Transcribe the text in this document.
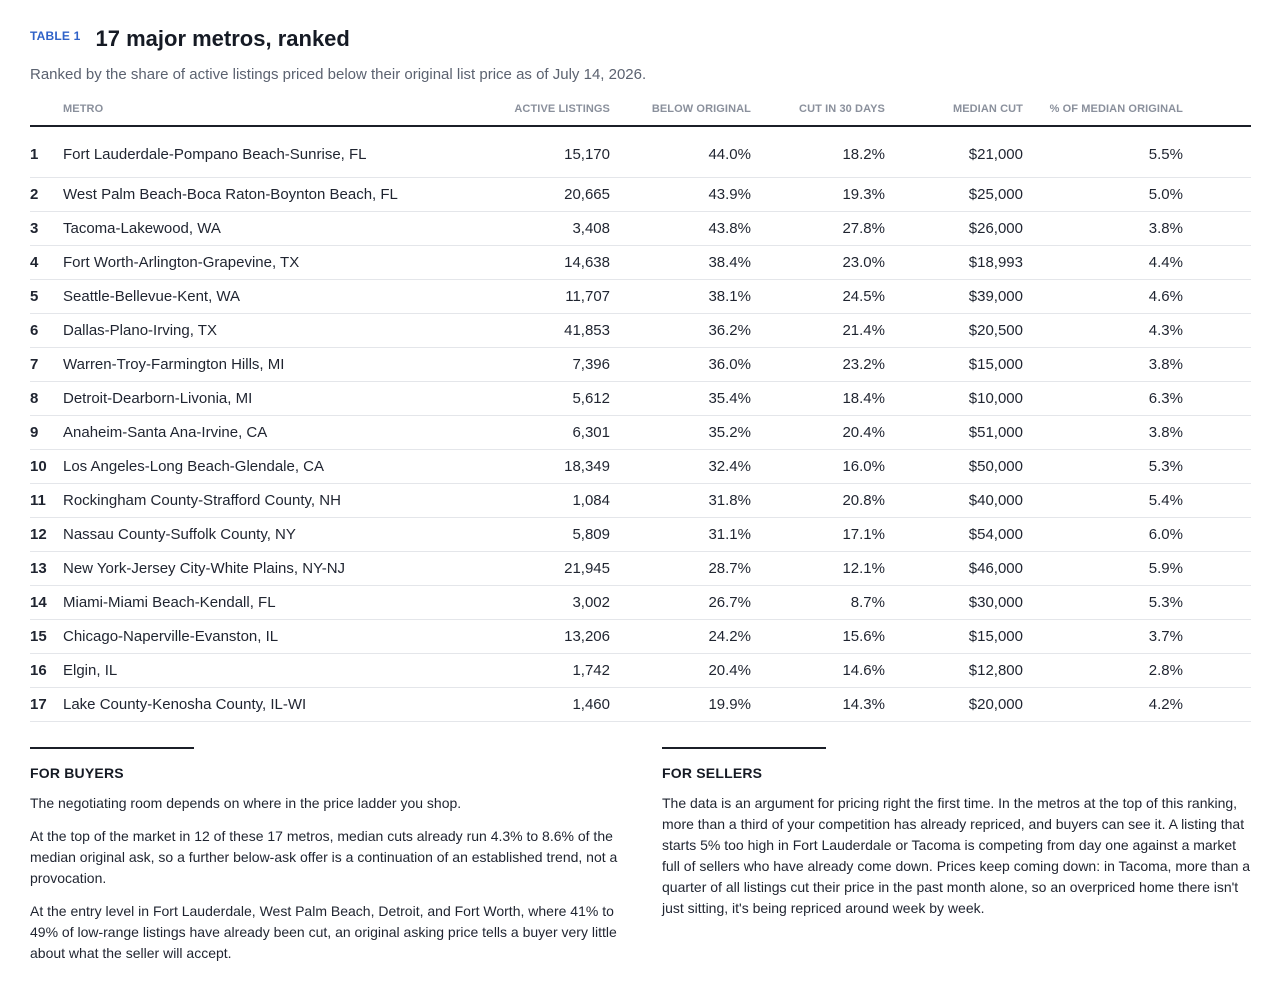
TABLE 1 17 major metros, ranked
Ranked by the share of active listings priced below their original list price as of July 14, 2026.
	METRO	ACTIVE LISTINGS	BELOW ORIGINAL	CUT IN 30 DAYS	MEDIAN CUT	% OF MEDIAN ORIGINAL	
1	Fort Lauderdale-Pompano Beach-Sunrise, FL	15,170	44.0%	18.2%	$21,000	5.5%	
2	West Palm Beach-Boca Raton-Boynton Beach, FL	20,665	43.9%	19.3%	$25,000	5.0%	
3	Tacoma-Lakewood, WA	3,408	43.8%	27.8%	$26,000	3.8%	
4	Fort Worth-Arlington-Grapevine, TX	14,638	38.4%	23.0%	$18,993	4.4%	
5	Seattle-Bellevue-Kent, WA	11,707	38.1%	24.5%	$39,000	4.6%	
6	Dallas-Plano-Irving, TX	41,853	36.2%	21.4%	$20,500	4.3%	
7	Warren-Troy-Farmington Hills, MI	7,396	36.0%	23.2%	$15,000	3.8%	
8	Detroit-Dearborn-Livonia, MI	5,612	35.4%	18.4%	$10,000	6.3%	
9	Anaheim-Santa Ana-Irvine, CA	6,301	35.2%	20.4%	$51,000	3.8%	
10	Los Angeles-Long Beach-Glendale, CA	18,349	32.4%	16.0%	$50,000	5.3%	
11	Rockingham County-Strafford County, NH	1,084	31.8%	20.8%	$40,000	5.4%	
12	Nassau County-Suffolk County, NY	5,809	31.1%	17.1%	$54,000	6.0%	
13	New York-Jersey City-White Plains, NY-NJ	21,945	28.7%	12.1%	$46,000	5.9%	
14	Miami-Miami Beach-Kendall, FL	3,002	26.7%	8.7%	$30,000	5.3%	
15	Chicago-Naperville-Evanston, IL	13,206	24.2%	15.6%	$15,000	3.7%	
16	Elgin, IL	1,742	20.4%	14.6%	$12,800	2.8%	
17	Lake County-Kenosha County, IL-WI	1,460	19.9%	14.3%	$20,000	4.2%	
FOR BUYERS

The negotiating room depends on where in the price ladder you shop.

At the top of the market in 12 of these 17 metros, median cuts already run 4.3% to 8.6% of the median original ask, so a further below-ask offer is a continuation of an established trend, not a provocation.

At the entry level in Fort Lauderdale, West Palm Beach, Detroit, and Fort Worth, where 41% to 49% of low-range listings have already been cut, an original asking price tells a buyer very little about what the seller will accept.

FOR SELLERS

The data is an argument for pricing right the first time. In the metros at the top of this ranking, more than a third of your competition has already repriced, and buyers can see it. A listing that starts 5% too high in Fort Lauderdale or Tacoma is competing from day one against a market full of sellers who have already come down. Prices keep coming down: in Tacoma, more than a quarter of all listings cut their price in the past month alone, so an overpriced home there isn't just sitting, it's being repriced around week by week.
